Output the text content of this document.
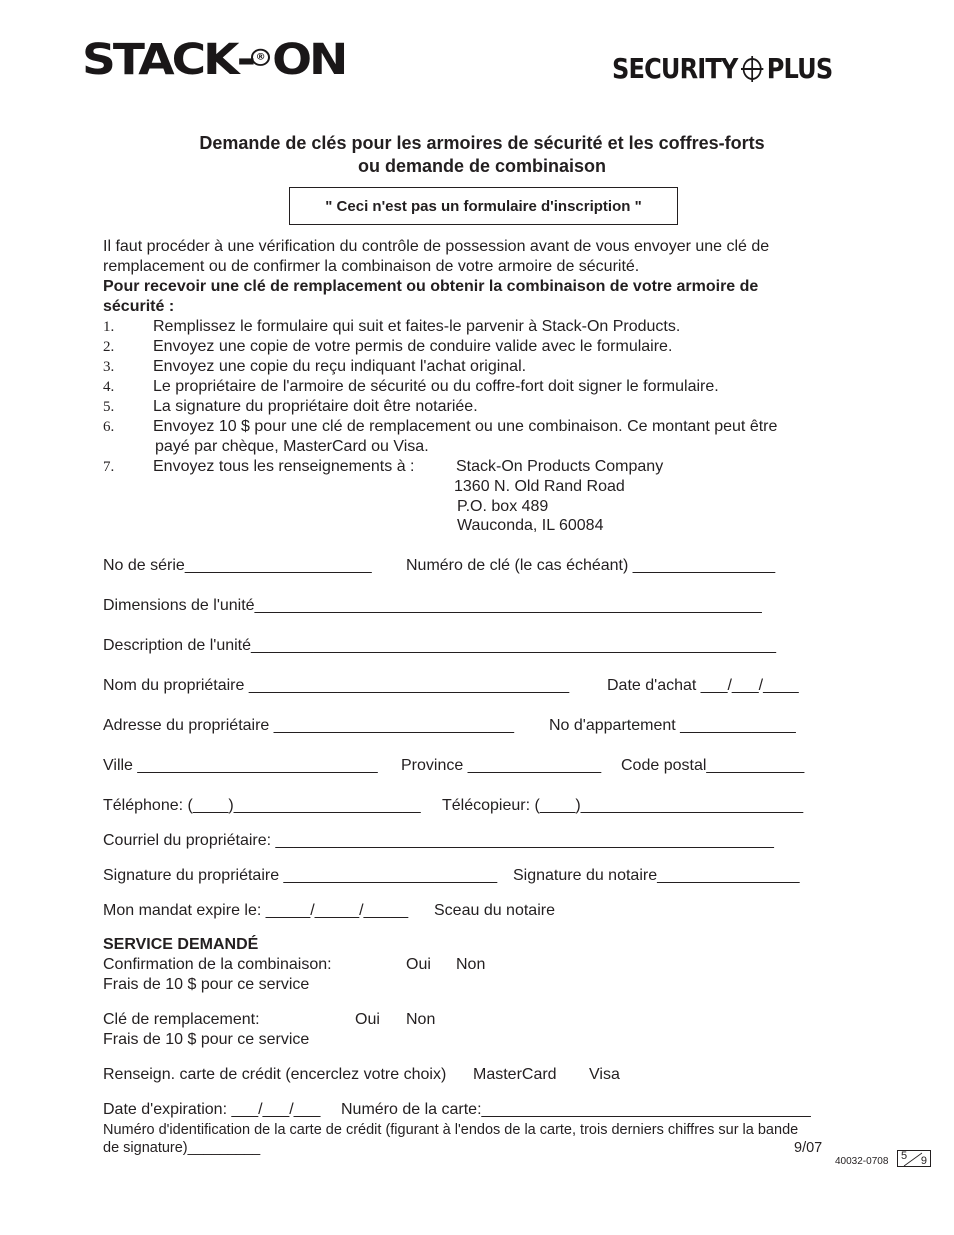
STACK- ® ON	SECURITY PLUS
Demande de clés pour les armoires de sécurité et les coffres-forts
ou demande de combinaison
" Ceci n'est pas un formulaire d'inscription "
Il faut procéder à une vérification du contrôle de possession avant de vous envoyer une clé de
remplacement ou de confirmer la combinaison de votre armoire de sécurité.
Pour recevoir une clé de remplacement ou obtenir la combinaison de votre armoire de
sécurité :
1. Remplissez le formulaire qui suit et faites-le parvenir à Stack-On Products.
2. Envoyez une copie de votre permis de conduire valide avec le formulaire.
3. Envoyez une copie du reçu indiquant l'achat original.
4. Le propriétaire de l'armoire de sécurité ou du coffre-fort doit signer le formulaire.
5. La signature du propriétaire doit être notariée.
6. Envoyez 10 $ pour une clé de remplacement ou une combinaison. Ce montant peut être
payé par chèque, MasterCard ou Visa.
7. Envoyez tous les renseignements à :	Stack-On Products Company
1360 N. Old Rand Road
P.O. box 489
Wauconda, IL 60084
No de série_____________________ Numéro de clé (le cas échéant) ________________
Dimensions de l'unité_________________________________________________________
Description de l'unité___________________________________________________________
Nom du propriétaire ____________________________________ Date d'achat ___/___/____
Adresse du propriétaire ___________________________ No d'appartement _____________
Ville ___________________________ Province _______________ Code postal___________
Téléphone: (____)_____________________ Télécopieur: (____)_________________________
Courriel du propriétaire: ________________________________________________________
Signature du propriétaire ________________________ Signature du notaire________________
Mon mandat expire le: _____/_____/_____ Sceau du notaire
SERVICE DEMANDÉ
Confirmation de la combinaison:	Oui Non
Frais de 10 $ pour ce service
Clé de remplacement:	Oui Non
Frais de 10 $ pour ce service
Renseign. carte de crédit (encerclez votre choix) MasterCard Visa
Date d'expiration: ___/___/___ Numéro de la carte:_____________________________________
Numéro d'identification de la carte de crédit (figurant à l'endos de la carte, trois derniers chiffres sur la bande
de signature)_________	9/07
40032-0708 5 9
